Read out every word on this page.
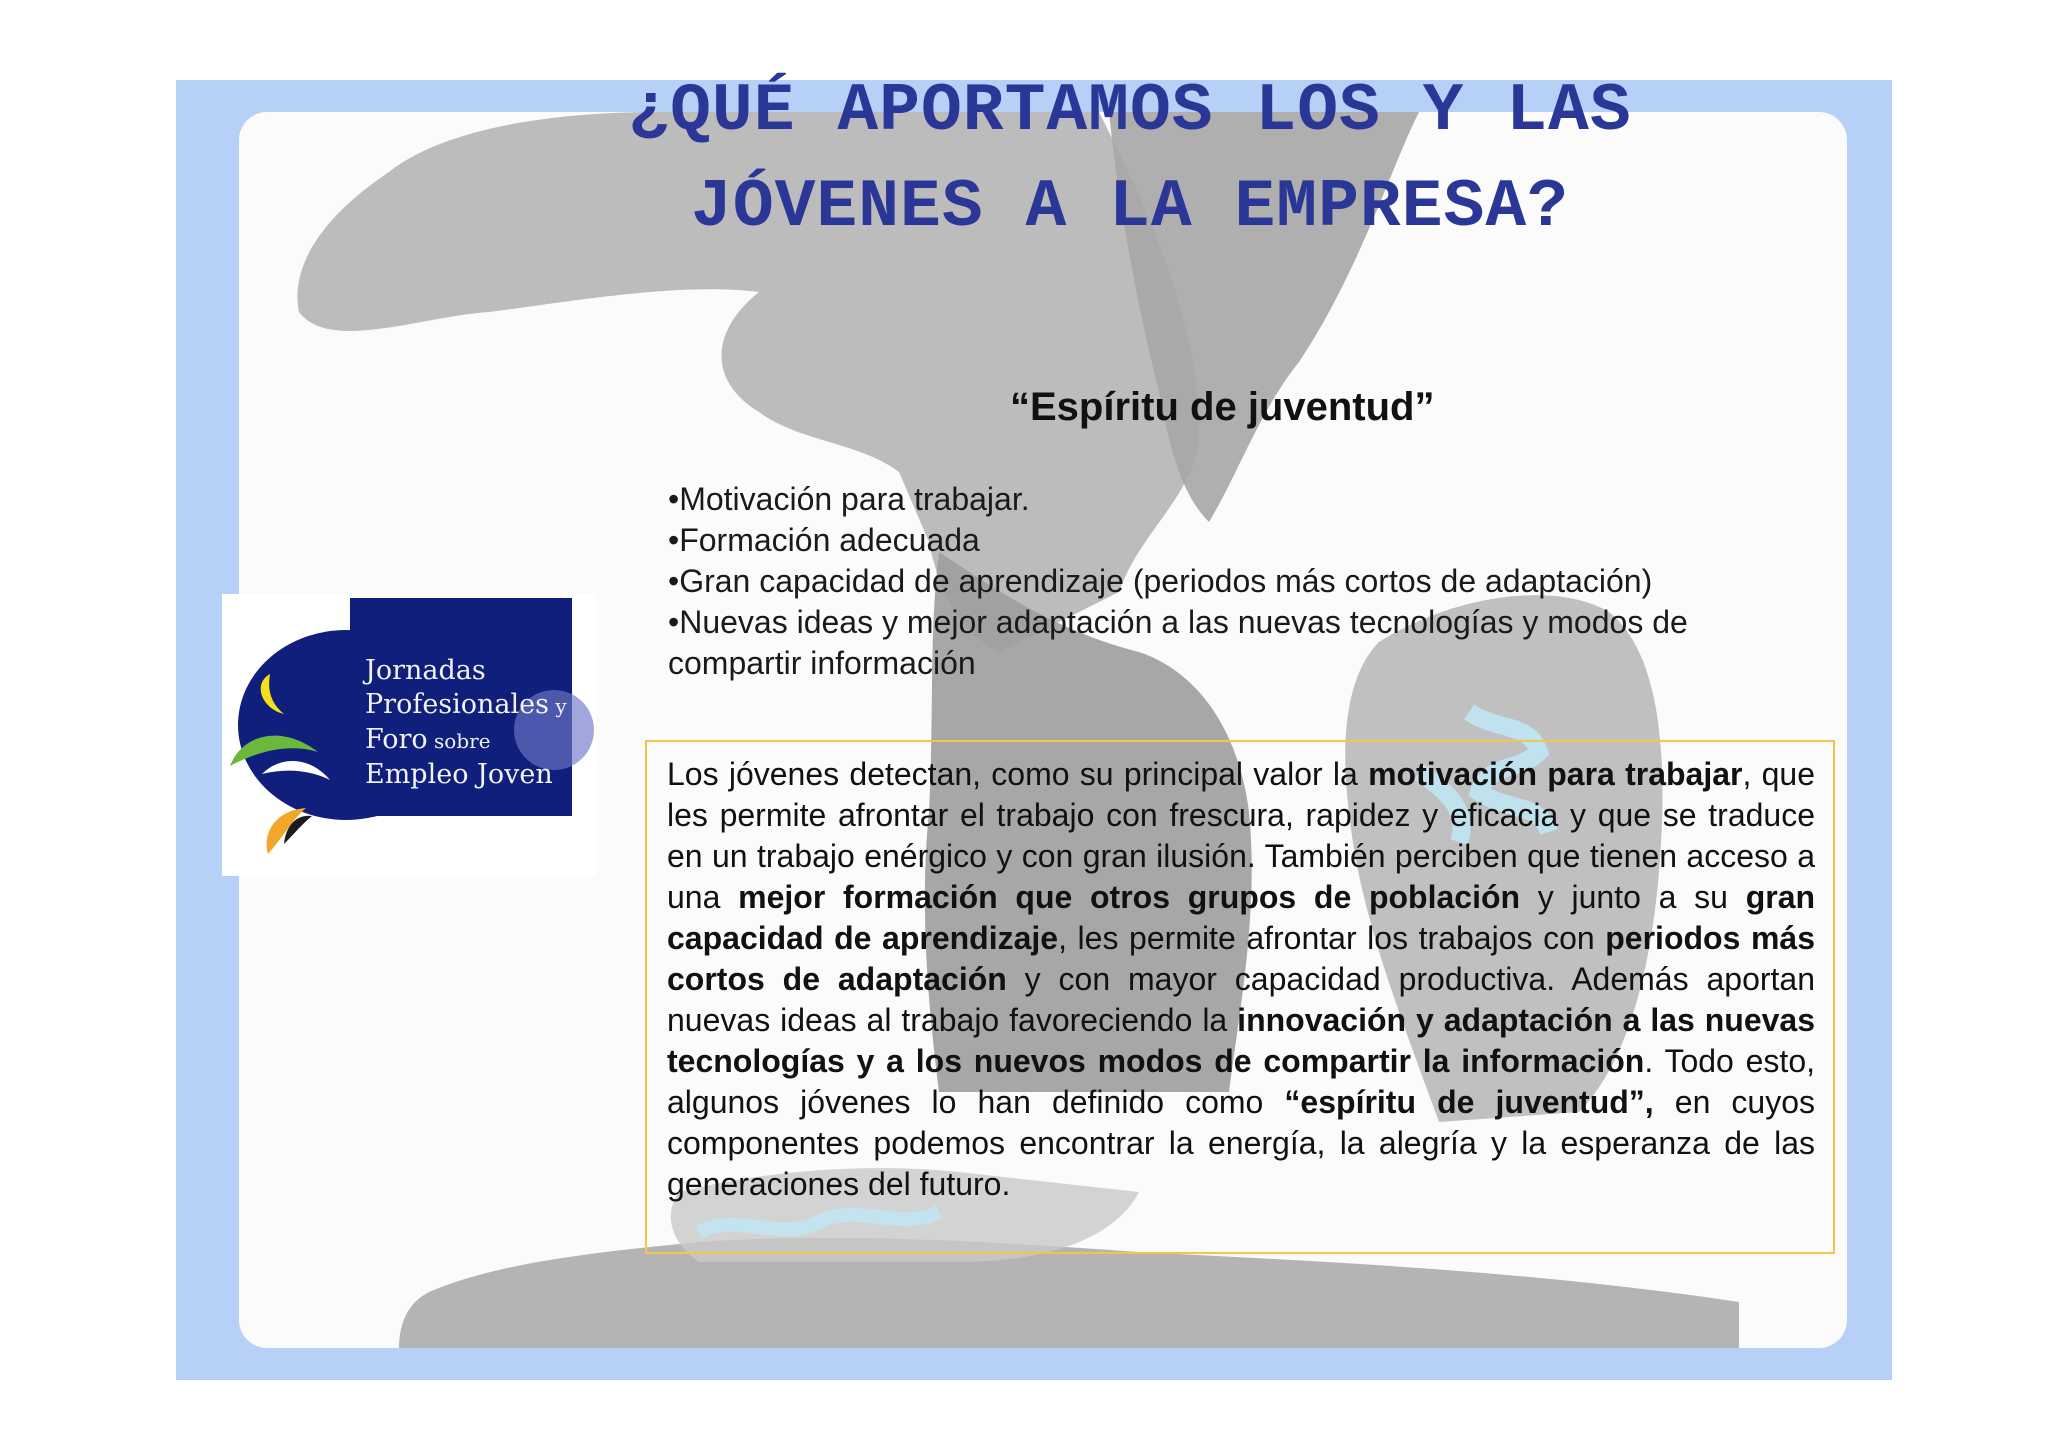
¿QUÉ APORTAMOS LOS Y LAS
JÓVENES A LA EMPRESA?
“Espíritu de juventud”
•Motivación para trabajar.
•Formación adecuada
•Gran capacidad de aprendizaje (periodos más cortos de adaptación)
•Nuevas ideas y mejor adaptación a las nuevas tecnologías y modos de compartir información
Jornadas
Profesionales y
Foro sobre
Empleo Joven	Los jóvenes detectan, como su principal valor la motivación para trabajar, que les permite afrontar el trabajo con frescura, rapidez y eficacia y que se traduce en un trabajo enérgico y con gran ilusión. También perciben que tienen acceso a una mejor formación que otros grupos de población y junto a su gran capacidad de aprendizaje, les permite afrontar los trabajos con periodos más cortos de adaptación y con mayor capacidad productiva. Además aportan nuevas ideas al trabajo favoreciendo la innovación y adaptación a las nuevas tecnologías y a los nuevos modos de compartir la información. Todo esto, algunos jóvenes lo han definido como “espíritu de juventud”, en cuyos componentes podemos encontrar la energía, la alegría y la esperanza de las generaciones del futuro.
